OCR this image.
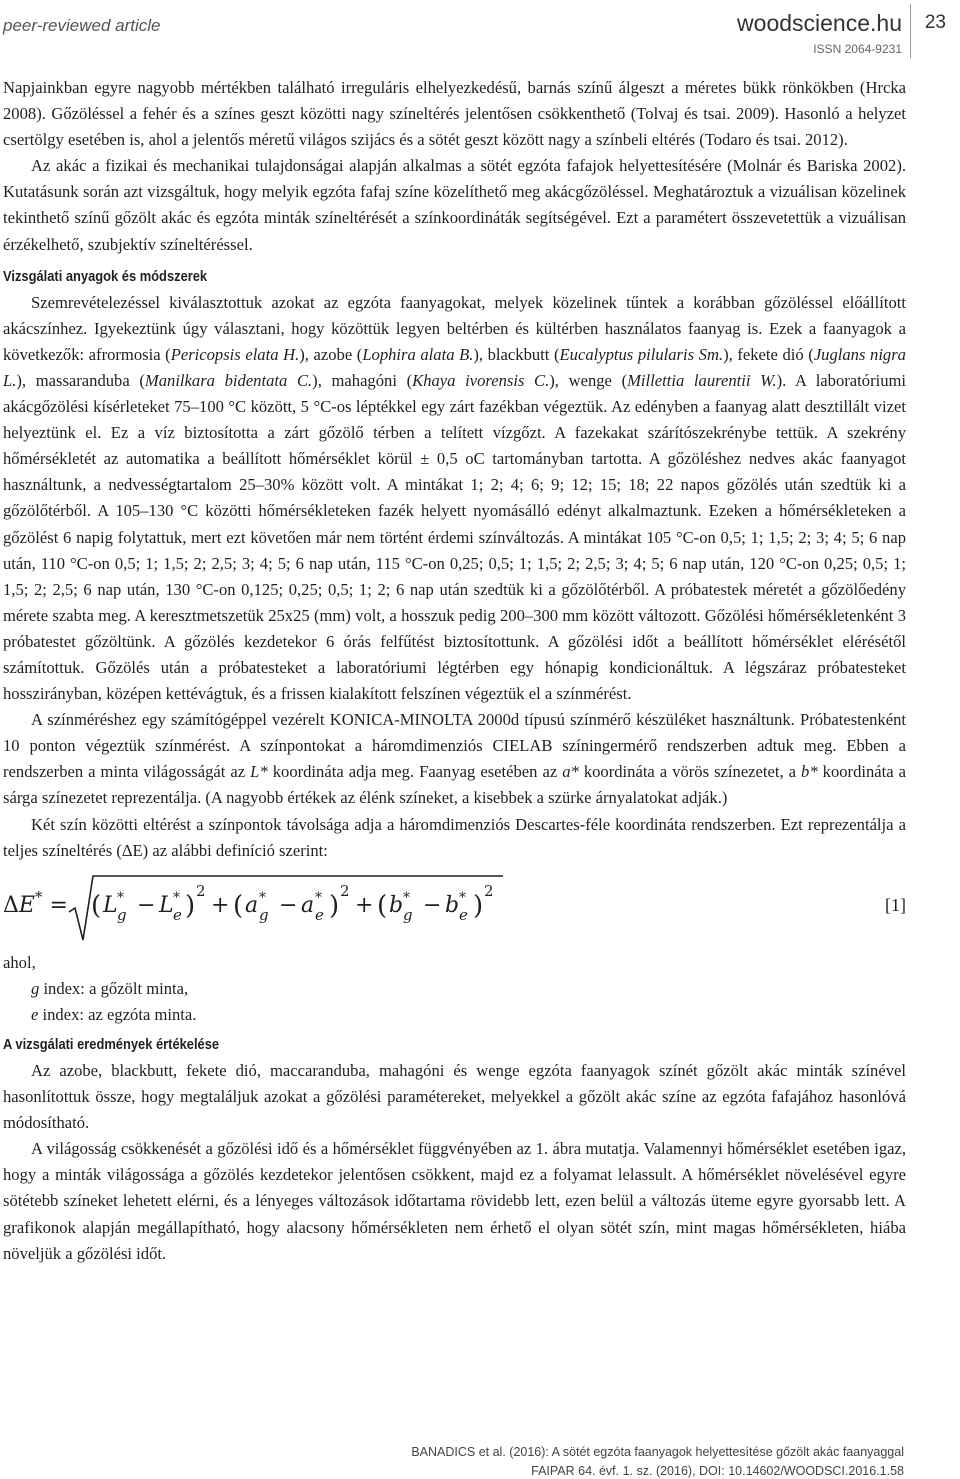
peer-reviewed article	woodscience.hu
ISSN 2064-9231
23

Napjainkban egyre nagyobb mértékben található irreguláris elhelyezkedésű, barnás színű álgeszt a méretes bükk rönkökben (Hrcka 2008). Gőzöléssel a fehér és a színes geszt közötti nagy színeltérés jelentősen csökkenthető (Tolvaj és tsai. 2009). Hasonló a helyzet csertölgy esetében is, ahol a jelentős méretű világos szijács és a sötét geszt között nagy a színbeli eltérés (Todaro és tsai. 2012).

Az akác a fizikai és mechanikai tulajdonságai alapján alkalmas a sötét egzóta fafajok helyettesítésére (Molnár és Bariska 2002). Kutatásunk során azt vizsgáltuk, hogy melyik egzóta fafaj színe közelíthető meg akácgőzöléssel. Meghatároztuk a vizuálisan közelinek tekinthető színű gőzölt akác és egzóta minták színeltérését a színkoordináták segítségével. Ezt a paramétert összevetettük a vizuálisan érzékelhető, szubjektív színeltéréssel.

Vizsgálati anyagok és módszerek

Szemrevételezéssel kiválasztottuk azokat az egzóta faanyagokat, melyek közelinek tűntek a korábban gőzöléssel előállított akácszínhez. Igyekeztünk úgy választani, hogy közöttük legyen beltérben és kültérben használatos faanyag is. Ezek a faanyagok a következők: afrormosia (Pericopsis elata H.), azobe (Lophira alata B.), blackbutt (Eucalyptus pilularis Sm.), fekete dió (Juglans nigra L.), massaranduba (Manilkara bidentata C.), mahagóni (Khaya ivorensis C.), wenge (Millettia laurentii W.). A laboratóriumi akácgőzölési kísérleteket 75–100 °C között, 5 °C-os léptékkel egy zárt fazékban végeztük. Az edényben a faanyag alatt desztillált vizet helyeztünk el. Ez a víz biztosította a zárt gőzölő térben a telített vízgőzt. A fazekakat szárítószekrénybe tettük. A szekrény hőmérsékletét az automatika a beállított hőmérséklet körül ± 0,5 oC tartományban tartotta. A gőzöléshez nedves akác faanyagot használtunk, a nedvességtartalom 25–30% között volt. A mintákat 1; 2; 4; 6; 9; 12; 15; 18; 22 napos gőzölés után szedtük ki a gőzölőtérből. A 105–130 °C közötti hőmérsékleteken fazék helyett nyomásálló edényt alkalmaztunk. Ezeken a hőmérsékleteken a gőzölést 6 napig folytattuk, mert ezt követően már nem történt érdemi színváltozás. A mintákat 105 °C-on 0,5; 1; 1,5; 2; 3; 4; 5; 6 nap után, 110 °C-on 0,5; 1; 1,5; 2; 2,5; 3; 4; 5; 6 nap után, 115 °C-on 0,25; 0,5; 1; 1,5; 2; 2,5; 3; 4; 5; 6 nap után, 120 °C-on 0,25; 0,5; 1; 1,5; 2; 2,5; 6 nap után, 130 °C-on 0,125; 0,25; 0,5; 1; 2; 6 nap után szedtük ki a gőzölőtérből. A próbatestek méretét a gőzölőedény mérete szabta meg. A keresztmetszetük 25x25 (mm) volt, a hosszuk pedig 200–300 mm között változott. Gőzölési hőmérsékletenként 3 próbatestet gőzöltünk. A gőzölés kezdetekor 6 órás felfűtést biztosítottunk. A gőzölési időt a beállított hőmérséklet elérésétől számítottuk. Gőzölés után a próbatesteket a laboratóriumi légtérben egy hónapig kondicionáltuk. A légszáraz próbatesteket hosszirányban, középen kettévágtuk, és a frissen kialakított felszínen végeztük el a színmérést.

A színméréshez egy számítógéppel vezérelt KONICA-MINOLTA 2000d típusú színmérő készüléket használtunk. Próbatestenként 10 ponton végeztük színmérést. A színpontokat a háromdimenziós CIELAB színingermérő rendszerben adtuk meg. Ebben a rendszerben a minta világosságát az L* koordináta adja meg. Faanyag esetében az a* koordináta a vörös színezetet, a b* koordináta a sárga színezetet reprezentálja. (A nagyobb értékek az élénk színeket, a kisebbek a szürke árnyalatokat adják.)

Két szín közötti eltérést a színpontok távolsága adja a háromdimenziós Descartes-féle koordináta rendszerben. Ezt reprezentálja a teljes színeltérés (ΔE) az alábbi definíció szerint:

ΔE* = ( L *
g − L *
e ) 2
+ ( a *
g − a *
e ) 2
+ ( b *
g − b *
e ) 2
[1]

ahol,
g index: a gőzölt minta,
e index: az egzóta minta.

A vizsgálati eredmények értékelése

Az azobe, blackbutt, fekete dió, maccaranduba, mahagóni és wenge egzóta faanyagok színét gőzölt akác minták színével hasonlítottuk össze, hogy megtaláljuk azokat a gőzölési paramétereket, melyekkel a gőzölt akác színe az egzóta fafajához hasonlóvá módosítható.

A világosság csökkenését a gőzölési idő és a hőmérséklet függvényében az 1. ábra mutatja. Valamennyi hőmérséklet esetében igaz, hogy a minták világossága a gőzölés kezdetekor jelentősen csökkent, majd ez a folyamat lelassult. A hőmérséklet növelésével egyre sötétebb színeket lehetett elérni, és a lényeges változások időtartama rövidebb lett, ezen belül a változás üteme egyre gyorsabb lett. A grafikonok alapján megállapítható, hogy alacsony hőmérsékleten nem érhető el olyan sötét szín, mint magas hőmérsékleten, hiába növeljük a gőzölési időt.

BANADICS et al. (2016): A sötét egzóta faanyagok helyettesítése gőzölt akác faanyaggal
FAIPAR 64. évf. 1. sz. (2016), DOI: 10.14602/WOODSCI.2016.1.58
